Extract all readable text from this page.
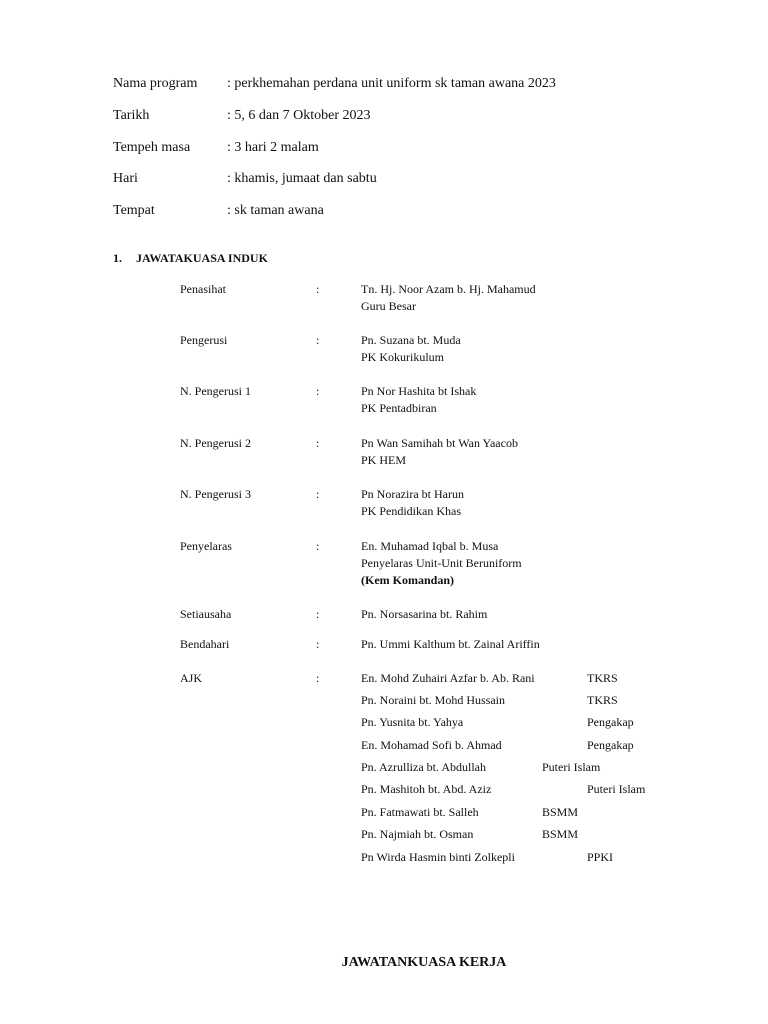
Nama program : perkhemahan perdana unit uniform sk taman awana 2023
Tarikh	: 5, 6 dan 7 Oktober 2023
Tempeh masa	: 3 hari 2 malam
Hari	: khamis, jumaat dan sabtu
Tempat	: sk taman awana
1. JAWATAKUASA INDUK
Penasihat	:	Tn. Hj. Noor Azam b. Hj. Mahamud
Guru Besar
Pengerusi	:	Pn. Suzana bt. Muda
PK Kokurikulum
N. Pengerusi 1	:	Pn Nor Hashita bt Ishak
PK Pentadbiran
N. Pengerusi 2	:	Pn Wan Samihah bt Wan Yaacob
PK HEM
N. Pengerusi 3	:	Pn Norazira bt Harun
PK Pendidikan Khas
Penyelaras	:	En. Muhamad Iqbal b. Musa
Penyelaras Unit-Unit Beruniform
(Kem Komandan)
Setiausaha	:	Pn. Norsasarina bt. Rahim
Bendahari	:	Pn. Ummi Kalthum bt. Zainal Ariffin
AJK	:	En. Mohd Zuhairi Azfar b. Ab. Rani	TKRS
Pn. Noraini bt. Mohd Hussain	TKRS
Pn. Yusnita bt. Yahya	Pengakap
En. Mohamad Sofi b. Ahmad	Pengakap
Pn. Azrulliza bt. Abdullah	Puteri Islam
Pn. Mashitoh bt. Abd. Aziz	Puteri Islam
Pn. Fatmawati bt. Salleh	BSMM
Pn. Najmiah bt. Osman	BSMM
Pn Wirda Hasmin binti Zolkepli	PPKI
JAWATANKUASA KERJA
